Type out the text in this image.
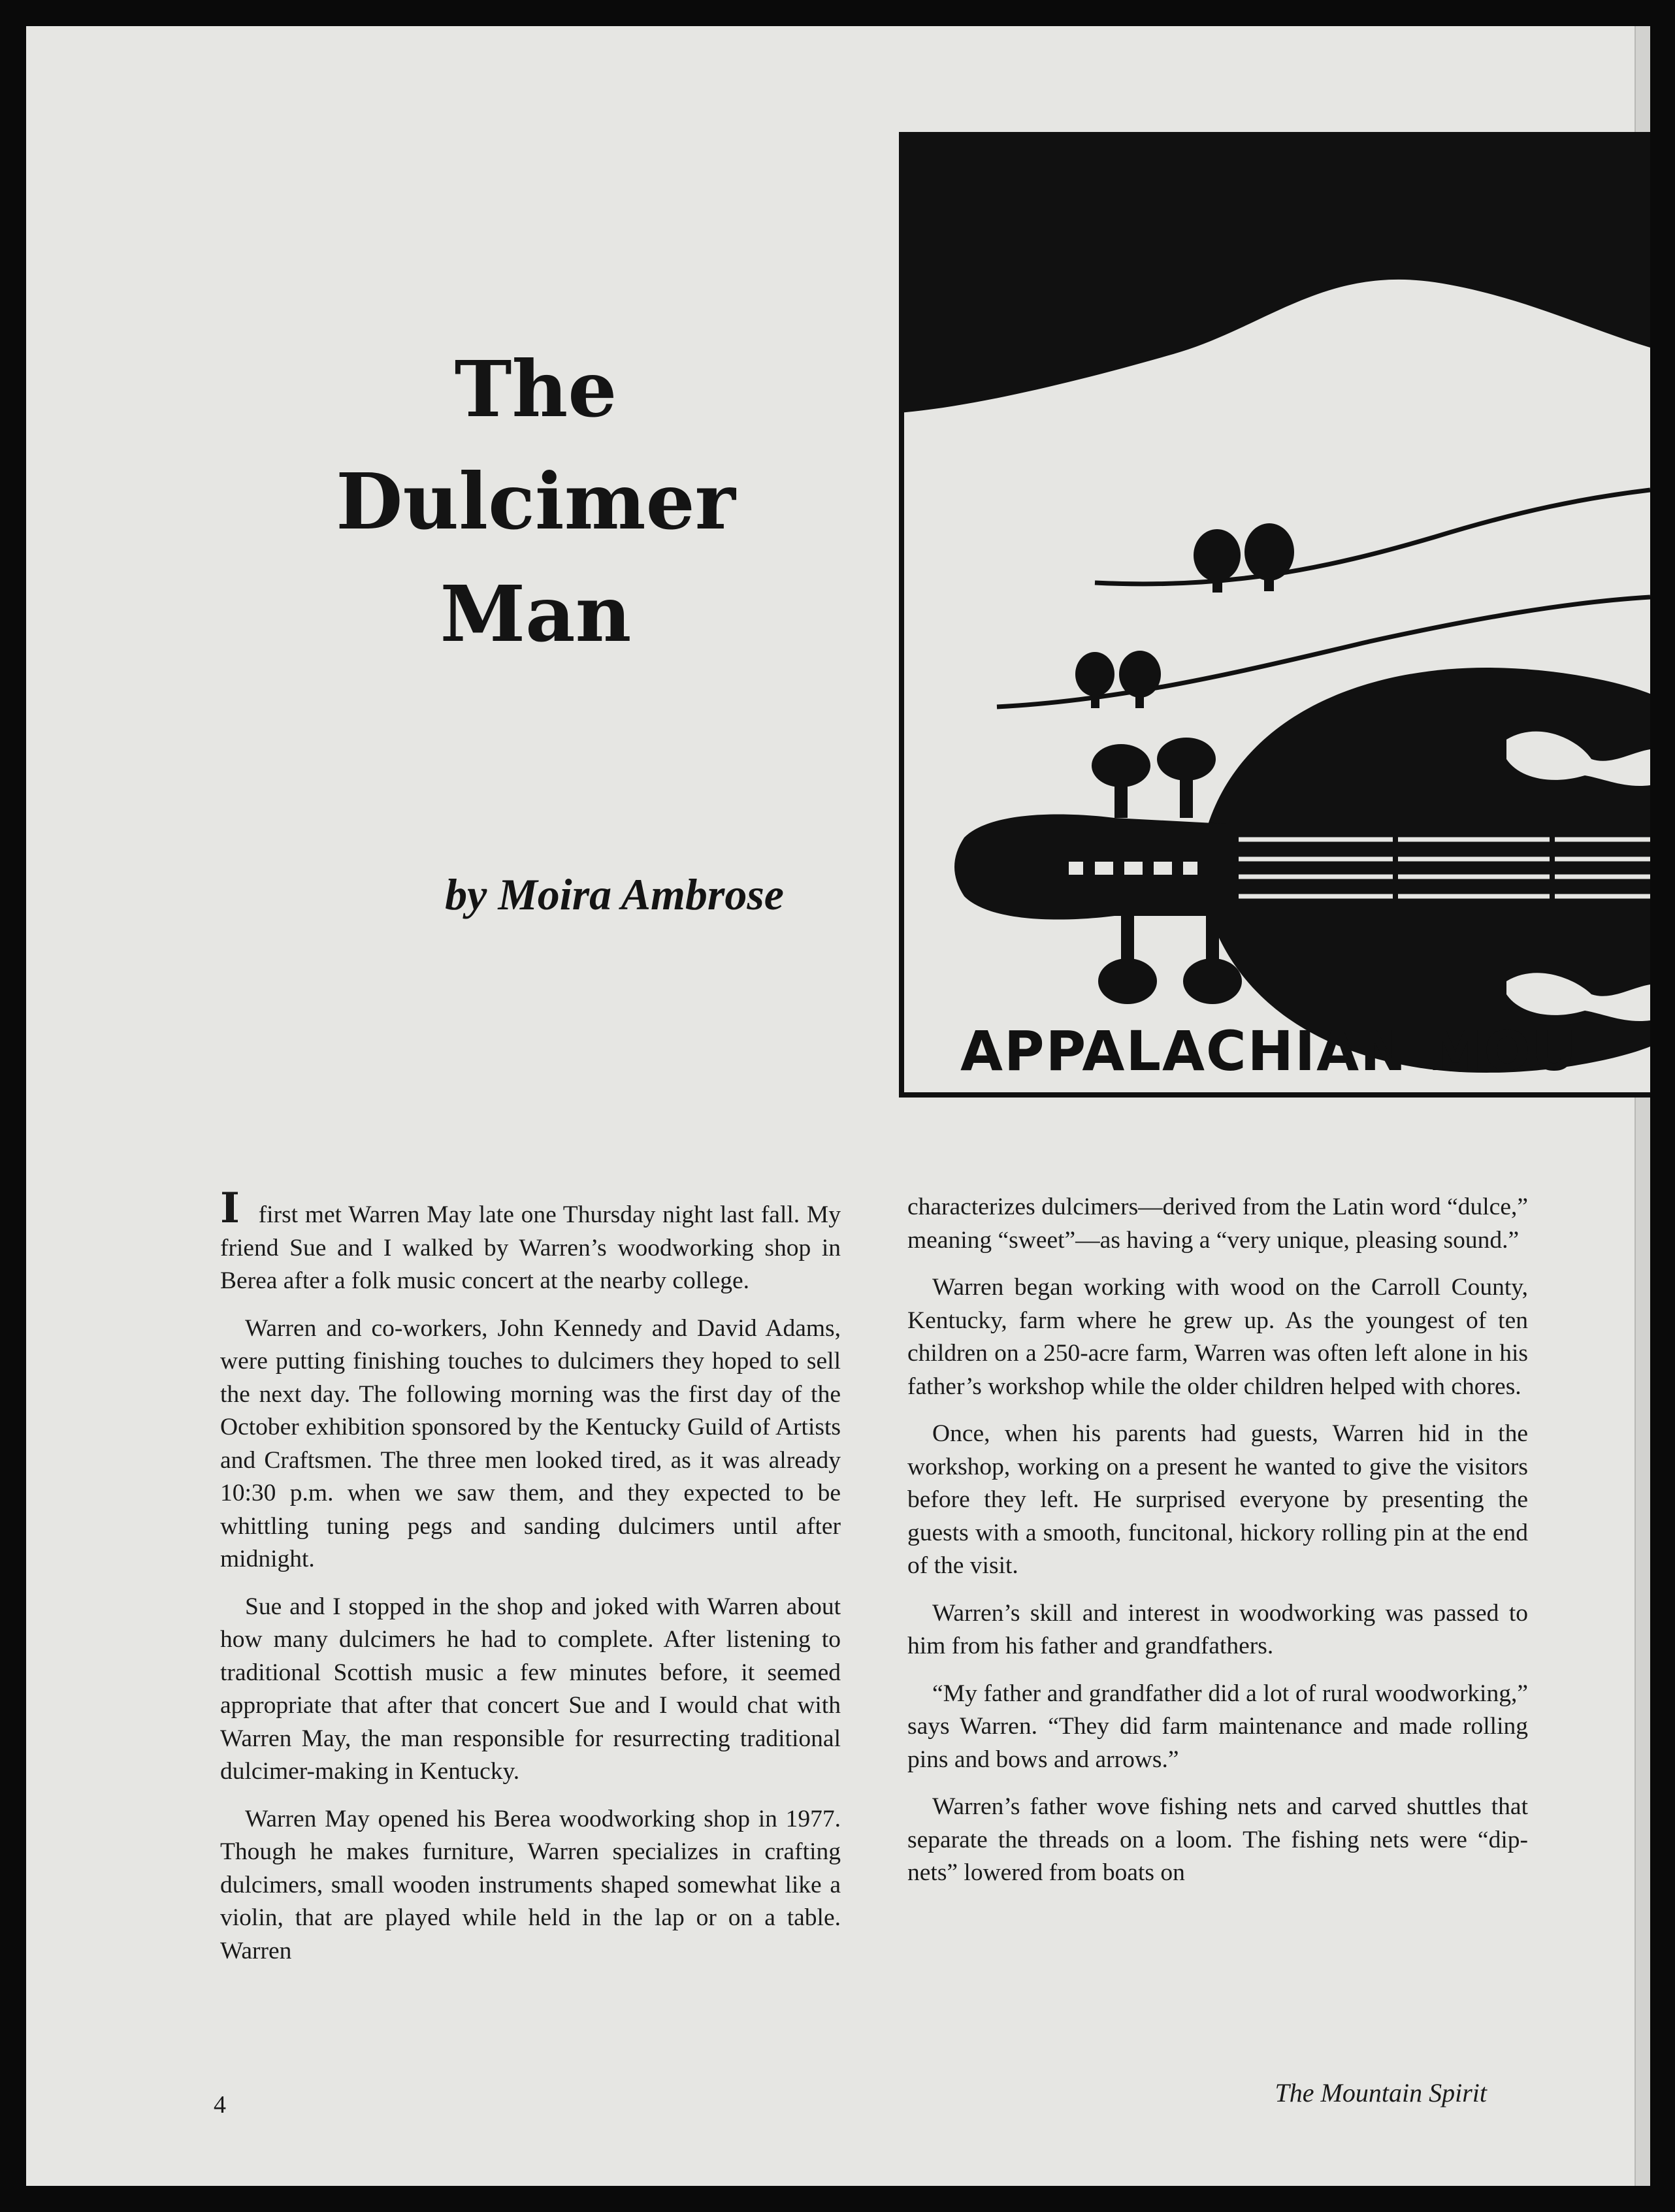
The
Dulcimer
Man
by Moira Ambrose
APPALACHIAN MOU

I first met Warren May late one Thursday night last fall. My friend Sue and I walked by Warren’s woodworking shop in Berea after a folk music concert at the nearby college.

Warren and co-workers, John Kennedy and David Adams, were putting finishing touches to dulcimers they hoped to sell the next day. The following morning was the first day of the October exhibition sponsored by the Kentucky Guild of Artists and Craftsmen. The three men looked tired, as it was already 10:30 p.m. when we saw them, and they expected to be whittling tuning pegs and sanding dulcimers until after midnight.

Sue and I stopped in the shop and joked with Warren about how many dulcimers he had to complete. After listening to traditional Scottish music a few minutes before, it seemed appropriate that after that concert Sue and I would chat with Warren May, the man responsible for resurrecting traditional dulcimer-making in Kentucky.

Warren May opened his Berea woodworking shop in 1977. Though he makes furniture, Warren specializes in crafting dulcimers, small wooden instruments shaped somewhat like a violin, that are played while held in the lap or on a table. Warren

characterizes dulcimers—derived from the Latin word “dulce,” meaning “sweet”—as having a “very unique, pleasing sound.”

Warren began working with wood on the Carroll County, Kentucky, farm where he grew up. As the youngest of ten children on a 250-acre farm, Warren was often left alone in his father’s workshop while the older children helped with chores.

Once, when his parents had guests, Warren hid in the workshop, working on a present he wanted to give the visitors before they left. He surprised everyone by presenting the guests with a smooth, funcitonal, hickory rolling pin at the end of the visit.

Warren’s skill and interest in woodworking was passed to him from his father and grandfathers.

“My father and grandfather did a lot of rural woodworking,” says Warren. “They did farm maintenance and made rolling pins and bows and arrows.”

Warren’s father wove fishing nets and carved shuttles that separate the threads on a loom. The fishing nets were “dip-nets” lowered from boats on

4	The Mountain Spirit
